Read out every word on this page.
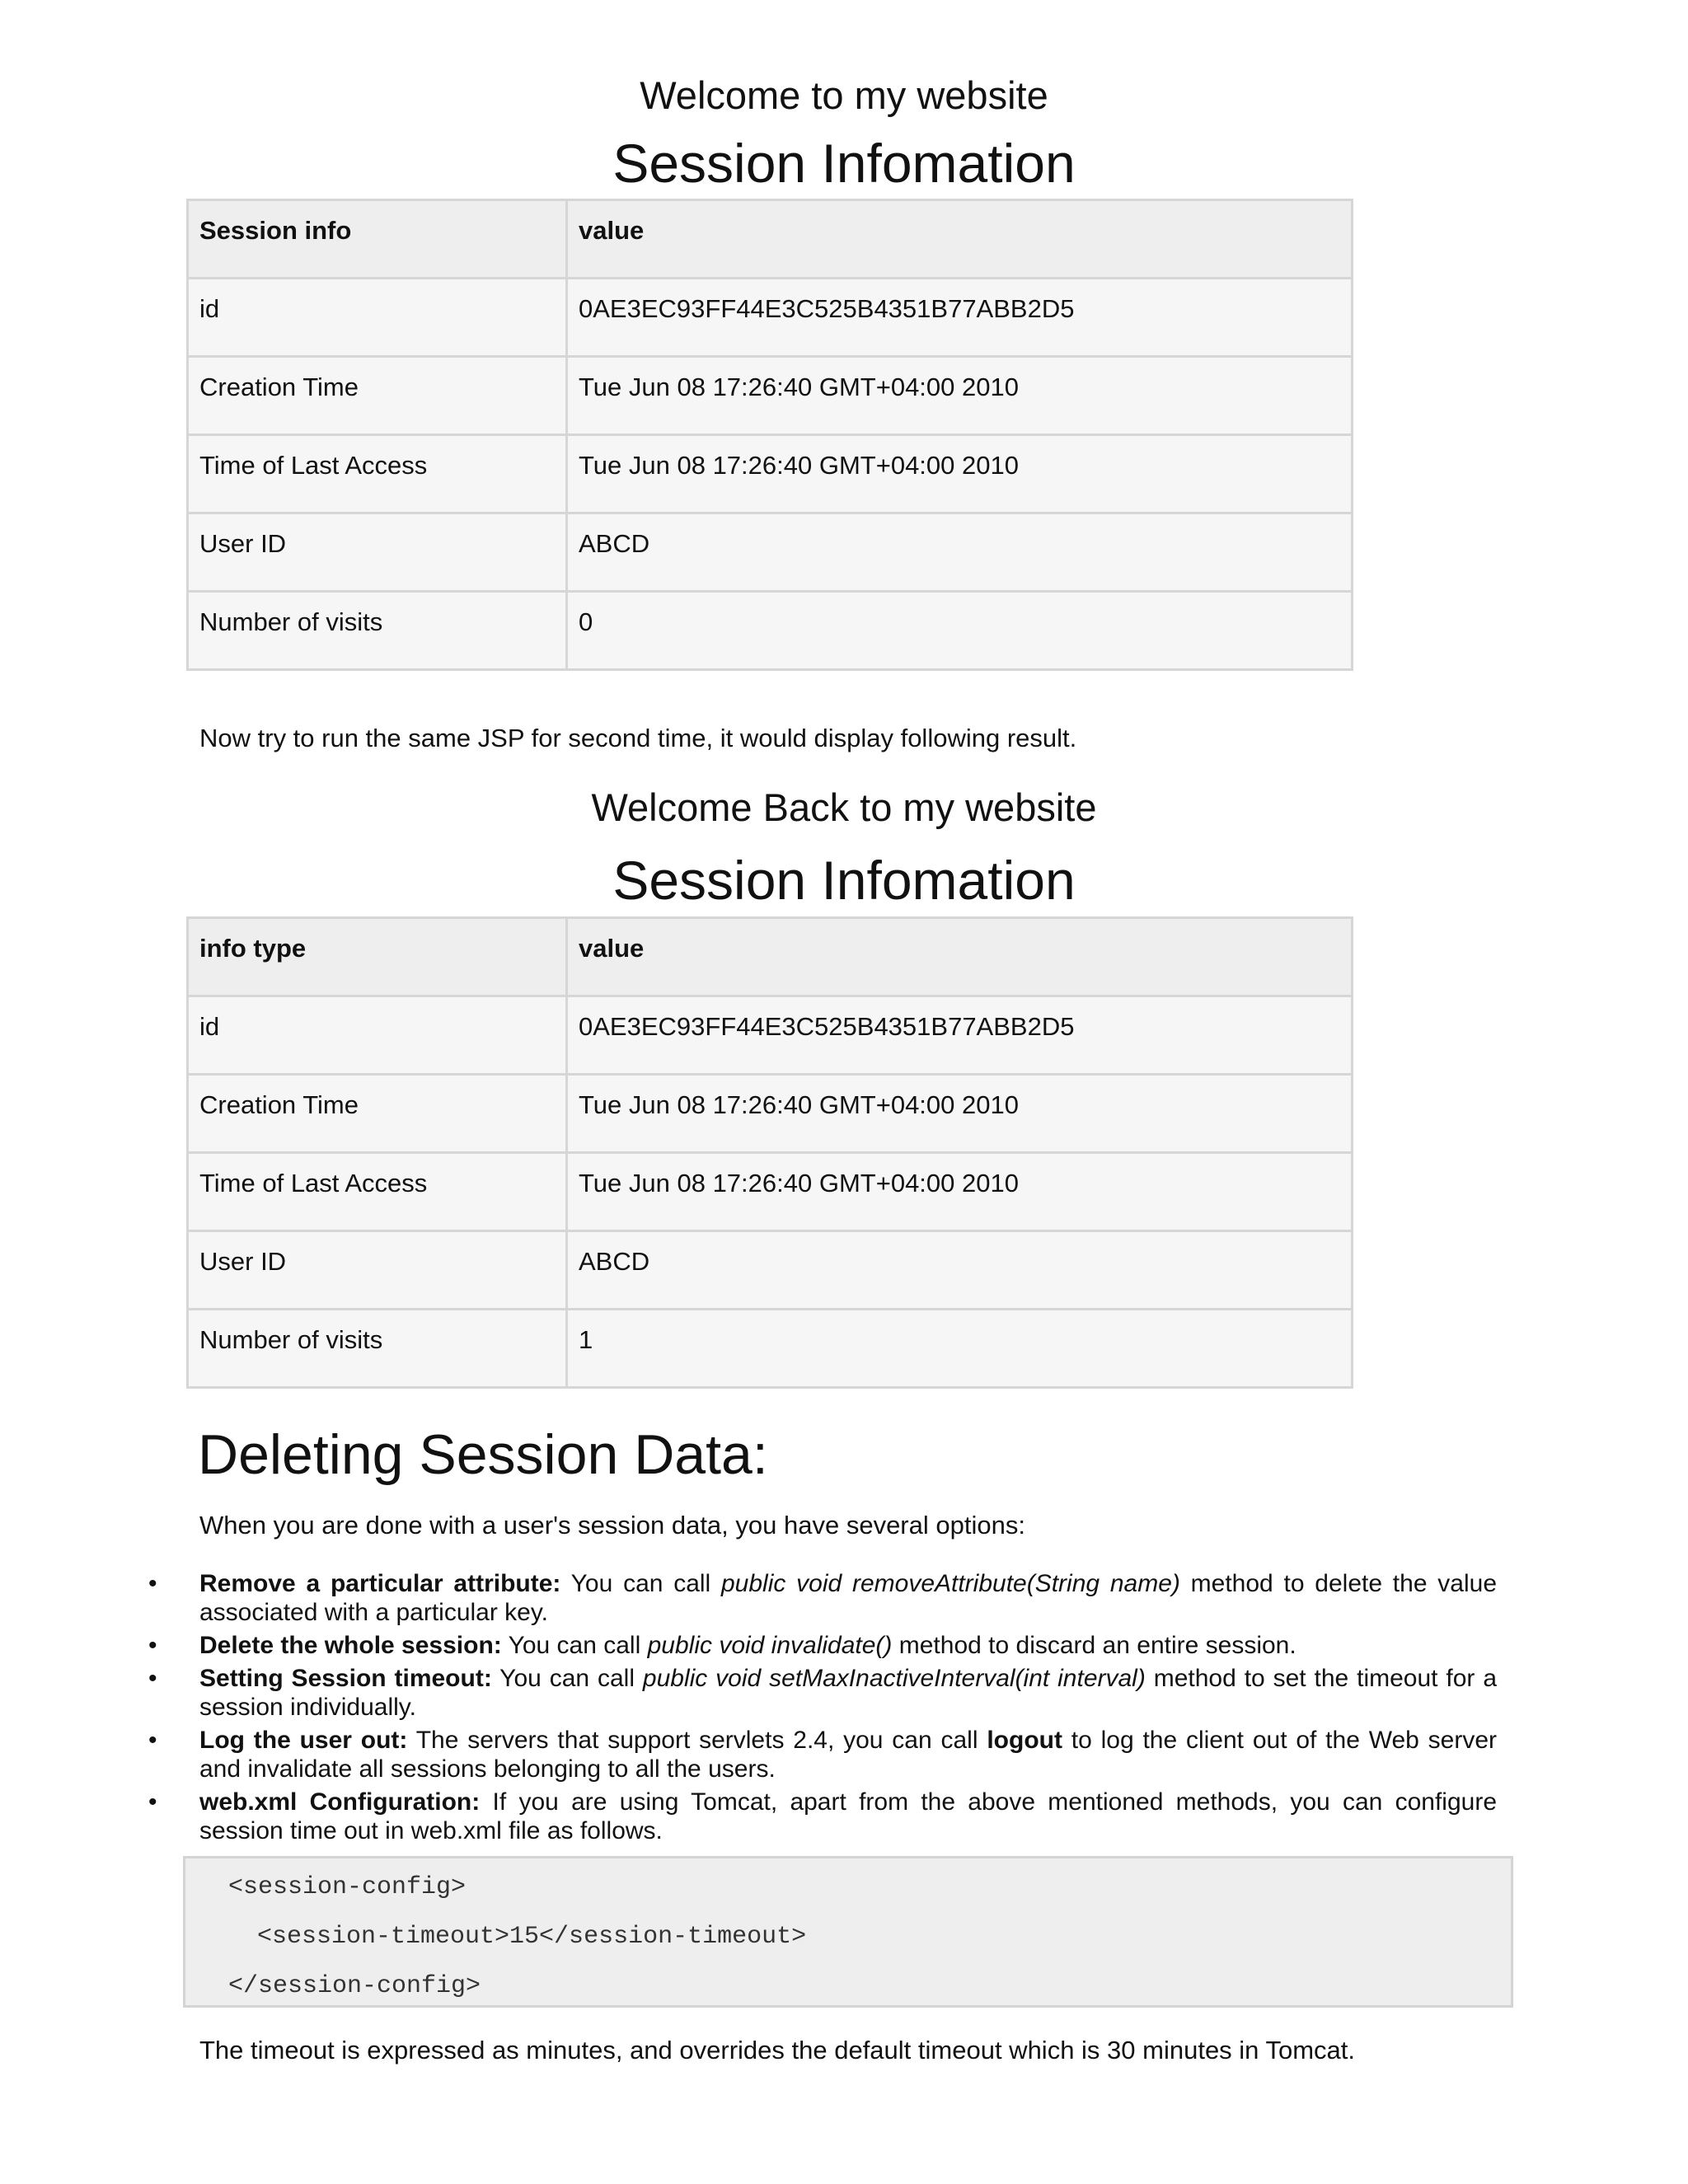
Welcome to my website
Session Infomation
Session info	value
id	0AE3EC93FF44E3C525B4351B77ABB2D5
Creation Time	Tue Jun 08 17:26:40 GMT+04:00 2010
Time of Last Access	Tue Jun 08 17:26:40 GMT+04:00 2010
User ID	ABCD
Number of visits	0
Now try to run the same JSP for second time, it would display following result.
Welcome Back to my website
Session Infomation
info type	value
id	0AE3EC93FF44E3C525B4351B77ABB2D5
Creation Time	Tue Jun 08 17:26:40 GMT+04:00 2010
Time of Last Access	Tue Jun 08 17:26:40 GMT+04:00 2010
User ID	ABCD
Number of visits	1
Deleting Session Data:
When you are done with a user's session data, you have several options:
• Remove a particular attribute: You can call public void removeAttribute(String name) method to delete the value associated with a particular key.
• Delete the whole session: You can call public void invalidate() method to discard an entire session.
• Setting Session timeout: You can call public void setMaxInactiveInterval(int interval) method to set the timeout for a session individually.
• Log the user out: The servers that support servlets 2.4, you can call logout to log the client out of the Web server and invalidate all sessions belonging to all the users.
• web.xml Configuration: If you are using Tomcat, apart from the above mentioned methods, you can configure session time out in web.xml file as follows.
<session-config>
<session-timeout>15</session-timeout>
</session-config>
The timeout is expressed as minutes, and overrides the default timeout which is 30 minutes in Tomcat.
